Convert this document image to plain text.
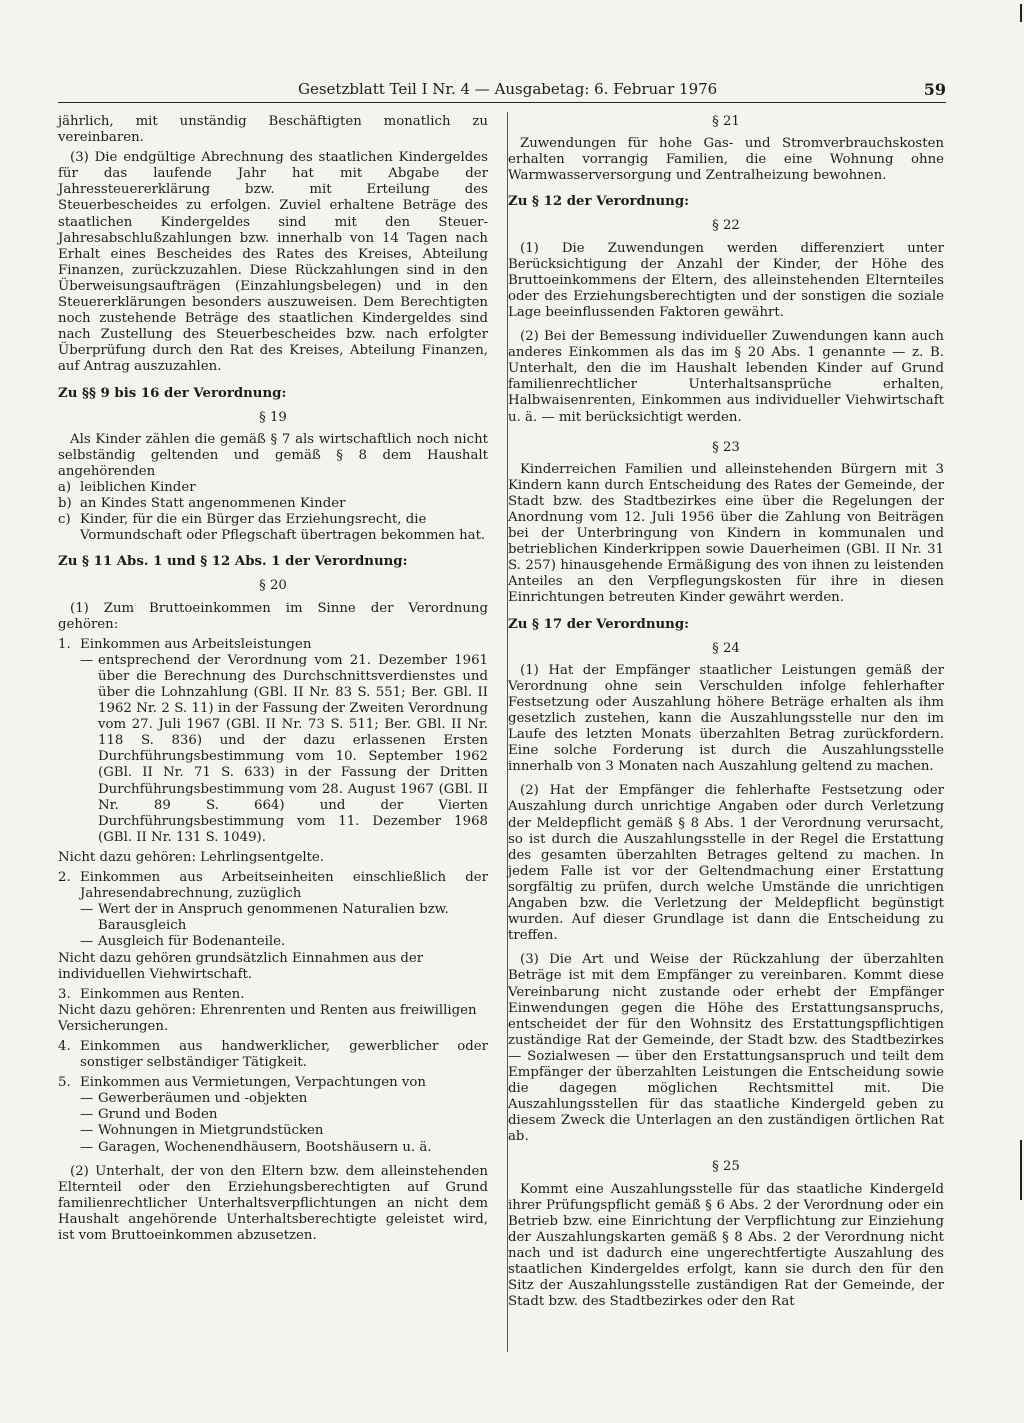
Gesetzblatt Teil I Nr. 4 — Ausgabetag: 6. Februar 1976	59

jährlich, mit unständig Beschäftigten monatlich zu vereinbaren.

(3) Die endgültige Abrechnung des staatlichen Kindergeldes für das laufende Jahr hat mit Abgabe der Jahressteuererklärung bzw. mit Erteilung des Steuerbescheides zu erfolgen. Zuviel erhaltene Beträge des staatlichen Kindergeldes sind mit den Steuer-Jahresabschlußzahlungen bzw. innerhalb von 14 Tagen nach Erhalt eines Bescheides des Rates des Kreises, Abteilung Finanzen, zurückzuzahlen. Diese Rückzahlungen sind in den Überweisungsaufträgen (Einzahlungsbelegen) und in den Steuererklärungen besonders auszuweisen. Dem Berechtigten noch zustehende Beträge des staatlichen Kindergeldes sind nach Zustellung des Steuerbescheides bzw. nach erfolgter Überprüfung durch den Rat des Kreises, Abteilung Finanzen, auf Antrag auszuzahlen.

Zu §§ 9 bis 16 der Verordnung:

§ 19

Als Kinder zählen die gemäß § 7 als wirtschaftlich noch nicht selbständig geltenden und gemäß § 8 dem Haushalt angehörenden

a) leiblichen Kinder
b) an Kindes Statt angenommenen Kinder
c) Kinder, für die ein Bürger das Erziehungsrecht, die Vormundschaft oder Pflegschaft übertragen bekommen hat.

Zu § 11 Abs. 1 und § 12 Abs. 1 der Verordnung:

§ 20

(1) Zum Bruttoeinkommen im Sinne der Verordnung gehören:

1. Einkommen aus Arbeitsleistungen
— entsprechend der Verordnung vom 21. Dezember 1961 über die Berechnung des Durchschnittsverdienstes und über die Lohnzahlung (GBl. II Nr. 83 S. 551; Ber. GBl. II 1962 Nr. 2 S. 11) in der Fassung der Zweiten Verordnung vom 27. Juli 1967 (GBl. II Nr. 73 S. 511; Ber. GBl. II Nr. 118 S. 836) und der dazu erlassenen Ersten Durchführungsbestimmung vom 10. September 1962 (GBl. II Nr. 71 S. 633) in der Fassung der Dritten Durchführungsbestimmung vom 28. August 1967 (GBl. II Nr. 89 S. 664) und der Vierten Durchführungsbestimmung vom 11. Dezember 1968 (GBl. II Nr. 131 S. 1049).

Nicht dazu gehören: Lehrlingsentgelte.

2. Einkommen aus Arbeitseinheiten einschließlich der Jahresendabrechnung, zuzüglich
— Wert der in Anspruch genommenen Naturalien bzw. Barausgleich
— Ausgleich für Bodenanteile.

Nicht dazu gehören grundsätzlich Einnahmen aus der individuellen Viehwirtschaft.

3. Einkommen aus Renten.

Nicht dazu gehören: Ehrenrenten und Renten aus freiwilligen Versicherungen.

4. Einkommen aus handwerklicher, gewerblicher oder sonstiger selbständiger Tätigkeit.
5. Einkommen aus Vermietungen, Verpachtungen von
— Gewerberäumen und -objekten
— Grund und Boden
— Wohnungen in Mietgrundstücken
— Garagen, Wochenendhäusern, Bootshäusern u. ä.

(2) Unterhalt, der von den Eltern bzw. dem alleinstehenden Elternteil oder den Erziehungsberechtigten auf Grund familienrechtlicher Unterhaltsverpflichtungen an nicht dem Haushalt angehörende Unterhaltsberechtigte geleistet wird, ist vom Bruttoeinkommen abzusetzen.

§ 21

Zuwendungen für hohe Gas- und Stromverbrauchskosten erhalten vorrangig Familien, die eine Wohnung ohne Warmwasserversorgung und Zentralheizung bewohnen.

Zu § 12 der Verordnung:

§ 22

(1) Die Zuwendungen werden differenziert unter Berücksichtigung der Anzahl der Kinder, der Höhe des Bruttoeinkommens der Eltern, des alleinstehenden Elternteiles oder des Erziehungsberechtigten und der sonstigen die soziale Lage beeinflussenden Faktoren gewährt.

(2) Bei der Bemessung individueller Zuwendungen kann auch anderes Einkommen als das im § 20 Abs. 1 genannte — z. B. Unterhalt, den die im Haushalt lebenden Kinder auf Grund familienrechtlicher Unterhaltsansprüche erhalten, Halbwaisenrenten, Einkommen aus individueller Viehwirtschaft u. ä. — mit berücksichtigt werden.

§ 23

Kinderreichen Familien und alleinstehenden Bürgern mit 3 Kindern kann durch Entscheidung des Rates der Gemeinde, der Stadt bzw. des Stadtbezirkes eine über die Regelungen der Anordnung vom 12. Juli 1956 über die Zahlung von Beiträgen bei der Unterbringung von Kindern in kommunalen und betrieblichen Kinderkrippen sowie Dauerheimen (GBl. II Nr. 31 S. 257) hinausgehende Ermäßigung des von ihnen zu leistenden Anteiles an den Verpflegungskosten für ihre in diesen Einrichtungen betreuten Kinder gewährt werden.

Zu § 17 der Verordnung:

§ 24

(1) Hat der Empfänger staatlicher Leistungen gemäß der Verordnung ohne sein Verschulden infolge fehlerhafter Festsetzung oder Auszahlung höhere Beträge erhalten als ihm gesetzlich zustehen, kann die Auszahlungsstelle nur den im Laufe des letzten Monats überzahlten Betrag zurückfordern. Eine solche Forderung ist durch die Auszahlungsstelle innerhalb von 3 Monaten nach Auszahlung geltend zu machen.

(2) Hat der Empfänger die fehlerhafte Festsetzung oder Auszahlung durch unrichtige Angaben oder durch Verletzung der Meldepflicht gemäß § 8 Abs. 1 der Verordnung verursacht, so ist durch die Auszahlungsstelle in der Regel die Erstattung des gesamten überzahlten Betrages geltend zu machen. In jedem Falle ist vor der Geltendmachung einer Erstattung sorgfältig zu prüfen, durch welche Umstände die unrichtigen Angaben bzw. die Verletzung der Meldepflicht begünstigt wurden. Auf dieser Grundlage ist dann die Entscheidung zu treffen.

(3) Die Art und Weise der Rückzahlung der überzahlten Beträge ist mit dem Empfänger zu vereinbaren. Kommt diese Vereinbarung nicht zustande oder erhebt der Empfänger Einwendungen gegen die Höhe des Erstattungsanspruchs, entscheidet der für den Wohnsitz des Erstattungspflichtigen zuständige Rat der Gemeinde, der Stadt bzw. des Stadtbezirkes — Sozialwesen — über den Erstattungsanspruch und teilt dem Empfänger der überzahlten Leistungen die Entscheidung sowie die dagegen möglichen Rechtsmittel mit. Die Auszahlungsstellen für das staatliche Kindergeld geben zu diesem Zweck die Unterlagen an den zuständigen örtlichen Rat ab.

§ 25

Kommt eine Auszahlungsstelle für das staatliche Kindergeld ihrer Prüfungspflicht gemäß § 6 Abs. 2 der Verordnung oder ein Betrieb bzw. eine Einrichtung der Verpflichtung zur Einziehung der Auszahlungskarten gemäß § 8 Abs. 2 der Verordnung nicht nach und ist dadurch eine ungerechtfertigte Auszahlung des staatlichen Kindergeldes erfolgt, kann sie durch den für den Sitz der Auszahlungsstelle zuständigen Rat der Gemeinde, der Stadt bzw. des Stadtbezirkes oder den Rat
